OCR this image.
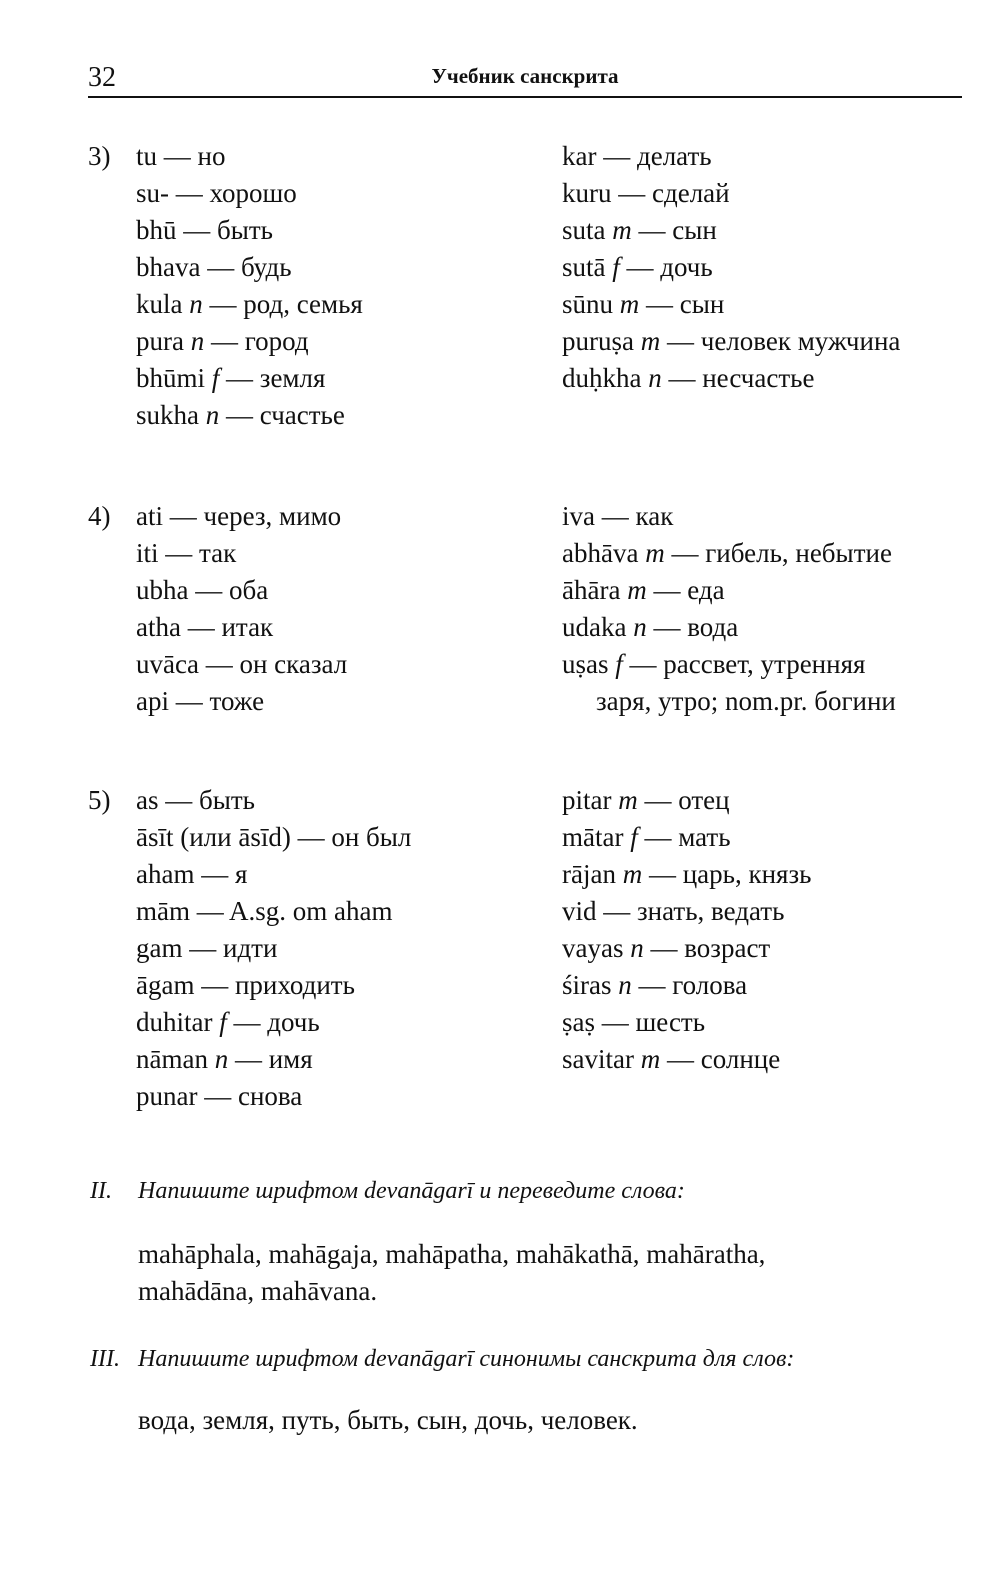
32	Учебник санскрита
3) tu — но
su- — хорошо
bhū — быть
bhava — будь
kula n — род, семья
pura n — город
bhūmi f — земля
sukha n — счастье
kar — делать
kuru — сделай
suta m — сын
sutā f — дочь
sūnu m — сын
puruṣa m — человек мужчина
duḥkha n — несчастье
4) ati — через, мимо
iti — так
ubha — оба
atha — итак
uvāca — он сказал
api — тоже
iva — как
abhāva m — гибель, небытие
āhāra m — еда
udaka n — вода
uṣas f — рассвет, утренняя
заря, утро; nom.pr. богини
5) as — быть
āsīt (или āsīd) — он был
aham — я
mām — A.sg. om aham
gam — идти
āgam — приходить
duhitar f — дочь
nāman n — имя
punar — снова
pitar m — отец
mātar f — мать
rājan m — царь, князь
vid — знать, ведать
vayas n — возраст
śiras n — голова
ṣaṣ — шесть
savitar m — солнце
II. Напишите шрифтом devanāgarī и переведите слова:
mahāphala, mahāgaja, mahāpatha, mahākathā, mahāratha,
mahādāna, mahāvana.
III. Напишите шрифтом devanāgarī синонимы санскрита для слов:
вода, земля, путь, быть, сын, дочь, человек.
